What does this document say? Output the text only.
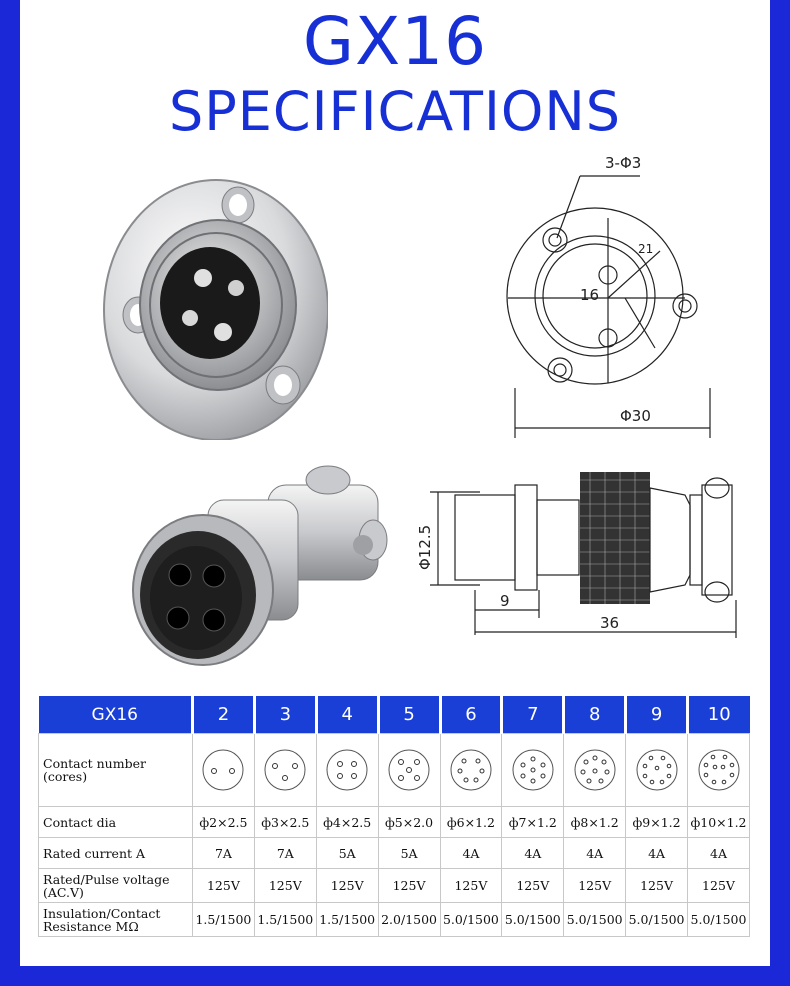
GX16
SPECIFICATIONS
3-Φ3
16
21
Φ30
Φ12.5
9
36
GX16	2	3	4	5	6	7	8	9	10
Contact number (cores)	

Contact dia	ф2×2.5	ф3×2.5	ф4×2.5	ф5×2.0	ф6×1.2	ф7×1.2	ф8×1.2	ф9×1.2	ф10×1.2
Rated current A	7A	7A	5A	5A	4A	4A	4A	4A	4A
Rated/Pulse voltage (AC.V)	125V	125V	125V	125V	125V	125V	125V	125V	125V
Insulation/Contact Resistance MΩ	1.5/1500	1.5/1500	1.5/1500	2.0/1500	5.0/1500	5.0/1500	5.0/1500	5.0/1500	5.0/1500
